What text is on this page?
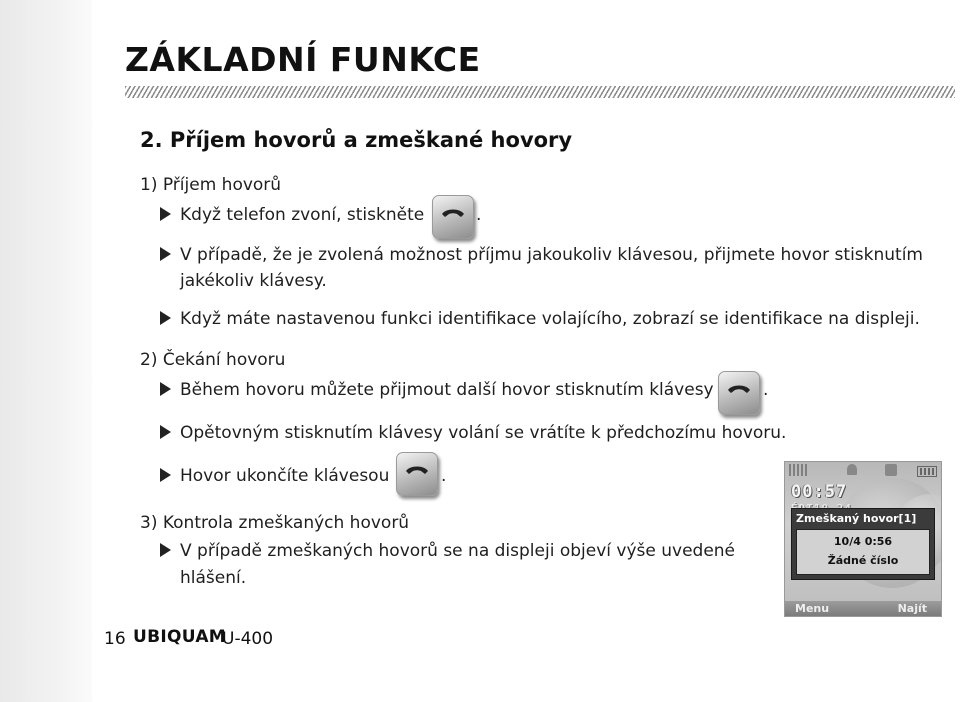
ZÁKLADNÍ FUNKCE
2. Příjem hovorů a zmeškané hovory
1) Příjem hovorů
Když telefon zvoní, stiskněte	.
V případě, že je zvolená možnost příjmu jakoukoliv klávesou, přijmete hovor stisknutím
jakékoliv klávesy.
Když máte nastavenou funkci identifikace volajícího, zobrazí se identifikace na displeji.
2) Čekání hovoru
Během hovoru můžete přijmout další hovor stisknutím klávesy	.
Opětovným stisknutím klávesy volání se vrátíte k předchozímu hovoru.
Hovor ukončíte klávesou	.
3) Kontrola zmeškaných hovorů
V případě zmeškaných hovorů se na displeji objeví výše uvedené
hlášení.
00:57
Zmeškaný hovor[1]
10/4 0:56
Žádné číslo
Menu	Najít
16 UBIQUAM
U-400
